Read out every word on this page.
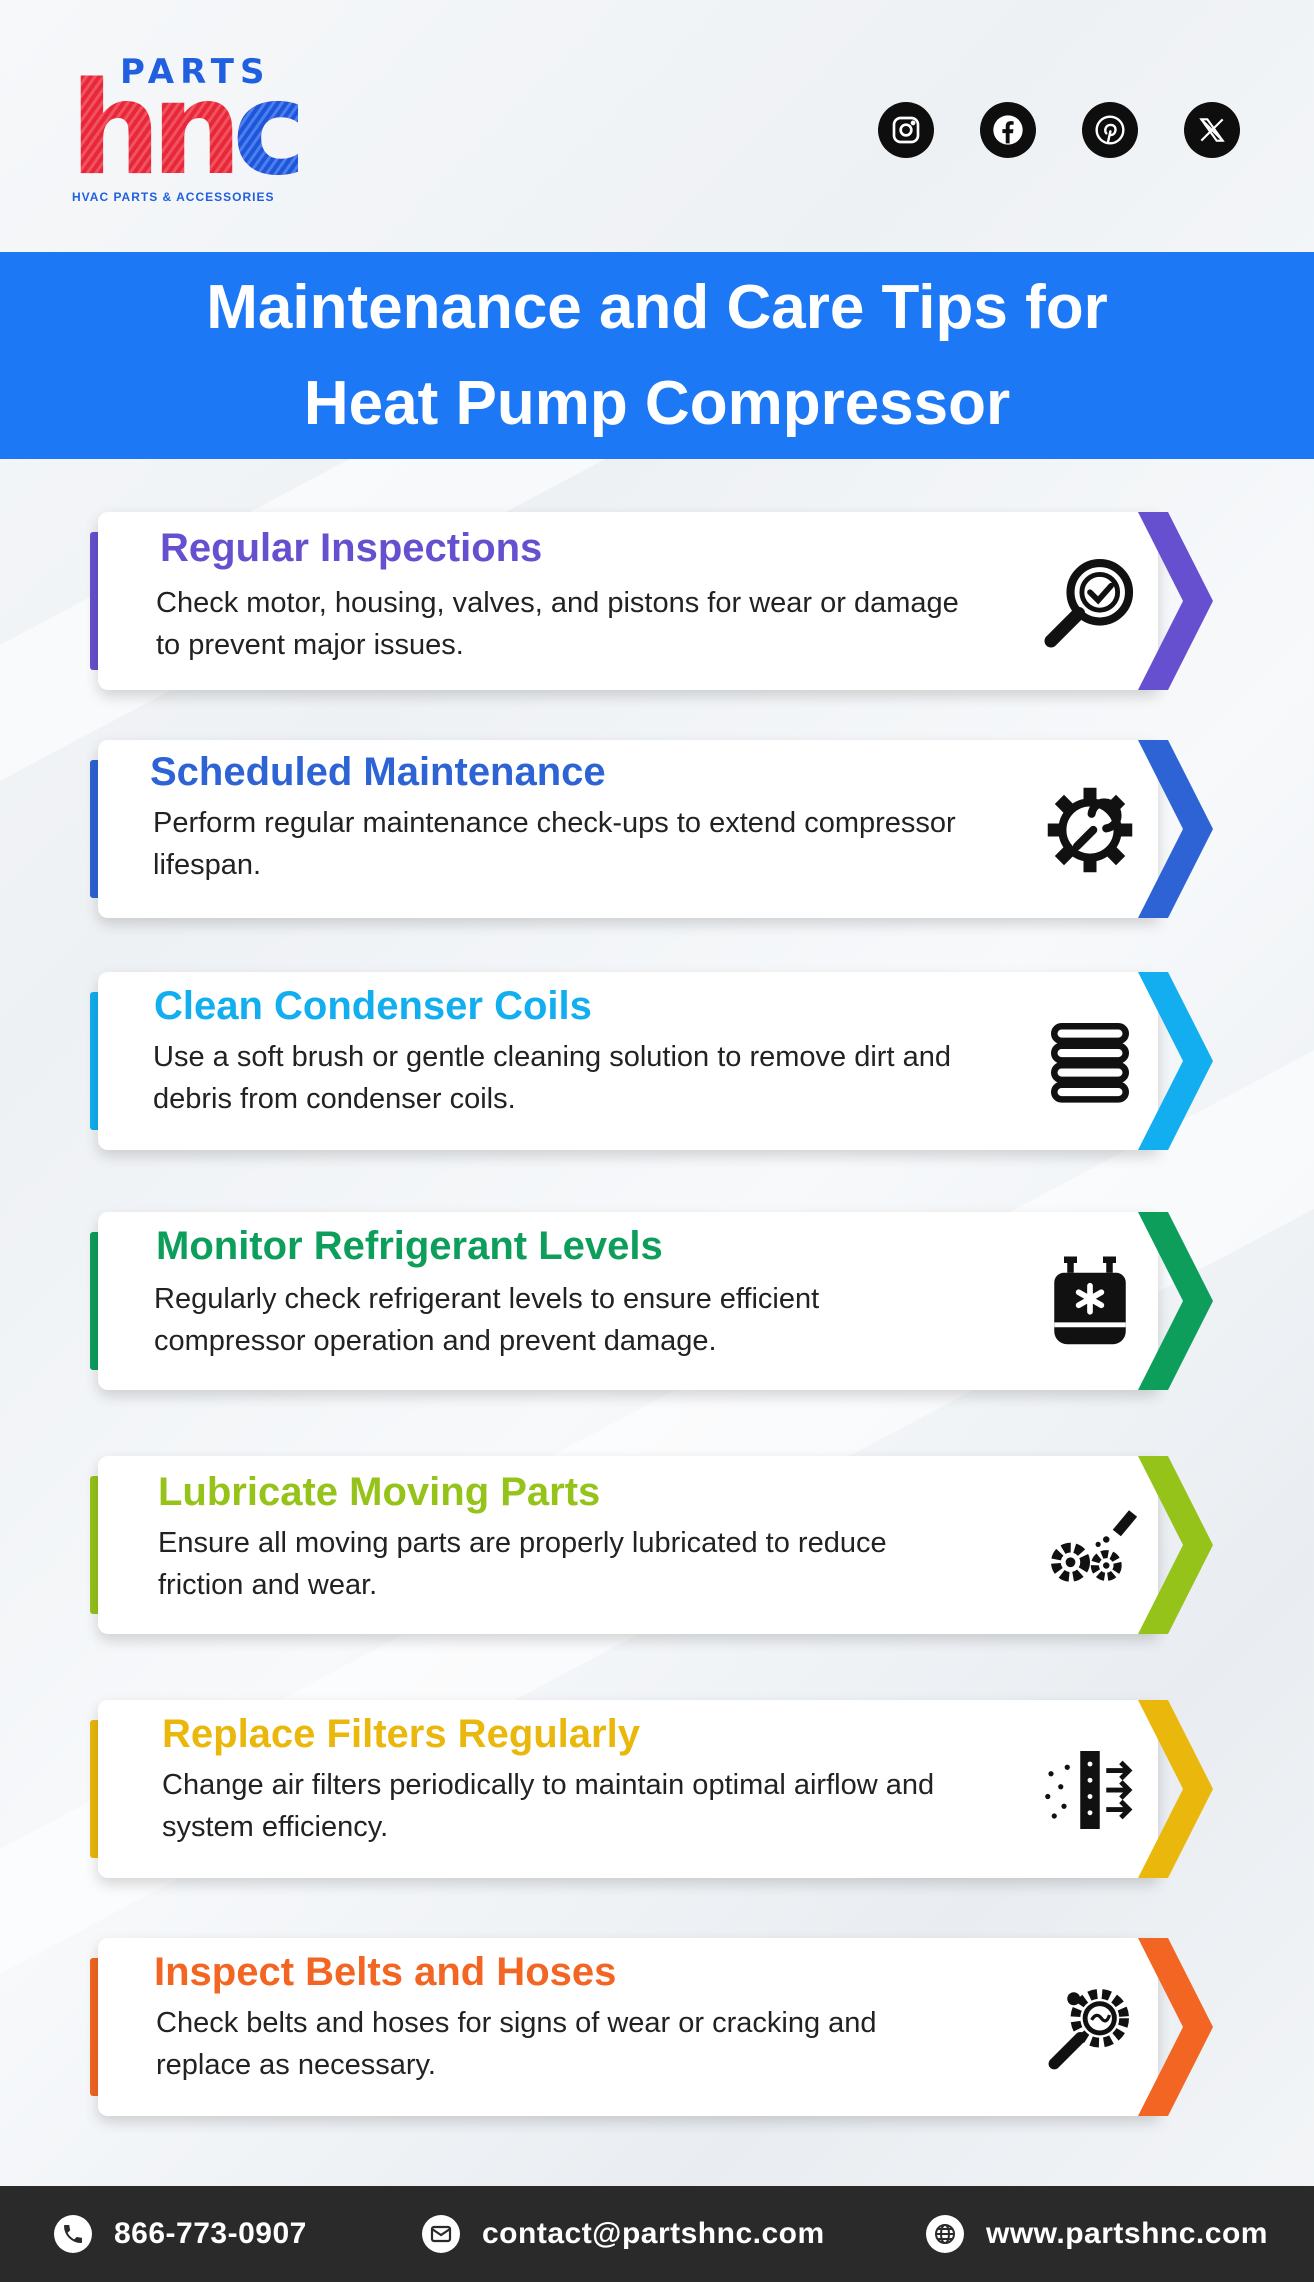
hnc
HVAC PARTS & ACCESSORIES
Maintenance and Care Tips for
Heat Pump Compressor
Regular Inspections
Check motor, housing, valves, and pistons for wear or damage to prevent major issues.
Scheduled Maintenance
Perform regular maintenance check-ups to extend compressor lifespan.
Clean Condenser Coils
Use a soft brush or gentle cleaning solution to remove dirt and debris from condenser coils.
Monitor Refrigerant Levels
Regularly check refrigerant levels to ensure efficient compressor operation and prevent damage.
Lubricate Moving Parts
Ensure all moving parts are properly lubricated to reduce friction and wear.
Replace Filters Regularly
Change air filters periodically to maintain optimal airflow and system efficiency.
Inspect Belts and Hoses
Check belts and hoses for signs of wear or cracking and replace as necessary.
866-773-0907	contact@partshnc.com	www.partshnc.com
